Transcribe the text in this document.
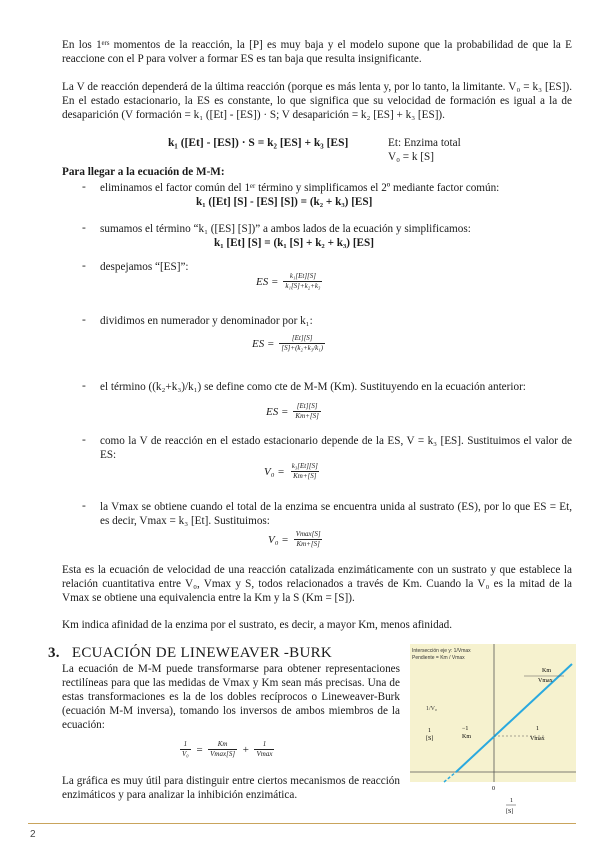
En los 1ᵉʳˢ momentos de la reacción, la [P] es muy baja y el modelo supone que la probabilidad de que la E reaccione con el P para volver a formar ES es tan baja que resulta insignificante.

La V de reacción dependerá de la última reacción (porque es más lenta y, por lo tanto, la limitante. V₀ = k₃ [ES]). En el estado estacionario, la ES es constante, lo que significa que su velocidad de formación es igual a la de desaparición (V formación = k₁ ([Et] - [ES]) · S; V desaparición = k₂ [ES] + k₃ [ES]).

k₁ ([Et] - [ES]) · S = k₂ [ES] + k₃ [ES]	Et: Enzima total
V₀ = k [S]
Para llegar a la ecuación de M-M:
- eliminamos el factor común del 1ᵉʳ término y simplificamos el 2º mediante factor común:

k₁ ([Et] [S] - [ES] [S]) = (k₂ + k₃) [ES]
- sumamos el término “k₁ ([ES] [S])” a ambos lados de la ecuación y simplificamos:

k₁ [Et] [S] = (k₁ [S] + k₂ + k₃) [ES]
- despejamos “[ES]”:

ES = $\frac{\text{k₁[Et][S]}}{\text{k₁[S]+k₂+k₃}}$
- dividimos en numerador y denominador por k₁:

ES = $\frac{[Et][S]}{\text{[S]+(k₂+k₃/k₁)}}$
- el término ((k₂+k₃)/k₁) se define como cte de M-M (Km). Sustituyendo en la ecuación anterior:

ES = $\frac{[Et][S]}{Km+[S]}$
- como la V de reacción en el estado estacionario depende de la ES, V = k₃ [ES]. Sustituimos el valor de ES:

$V_0 = \frac{\text{k₃[Et][S]}}{Km+[S]}$
- la Vmax se obtiene cuando el total de la enzima se encuentra unida al sustrato (ES), por lo que ES = Et, es decir, Vmax = k₃ [Et]. Sustituimos:

$V_0 = \frac{Vmax[S]}{Km+[S]}$

Esta es la ecuación de velocidad de una reacción catalizada enzimáticamente con un sustrato y que establece la relación cuantitativa entre V₀, Vmax y S, todos relacionados a través de Km. Cuando la V₀ es la mitad de la Vmax se obtiene una equivalencia entre la Km y la S (Km = [S]).

Km indica afinidad de la enzima por el sustrato, es decir, a mayor Km, menos afinidad.

3. ECUACIÓN DE LINEWEAVER -BURK

La ecuación de M-M puede transformarse para obtener representaciones rectilíneas para que las medidas de Vmax y Km sean más precisas. Una de estas transformaciones es la de los dobles recíprocos o Lineweaver-Burk (ecuación M-M inversa), tomando los inversos de ambos miembros de la ecuación:

$\frac{1}{\text{V₀}} = \frac{Km}{Vmax[S]} + \frac{1}{Vmax}$

La gráfica es muy útil para distinguir entre ciertos mecanismos de reacción enzimáticos y para analizar la inhibición enzimática.

Intersección eje y: 1/Vmax
Pendiente = Km / Vmax
1/V₀
−1
Km
1
[S]
1
Vmax
Km
Vmax
0
1
[S]
2
